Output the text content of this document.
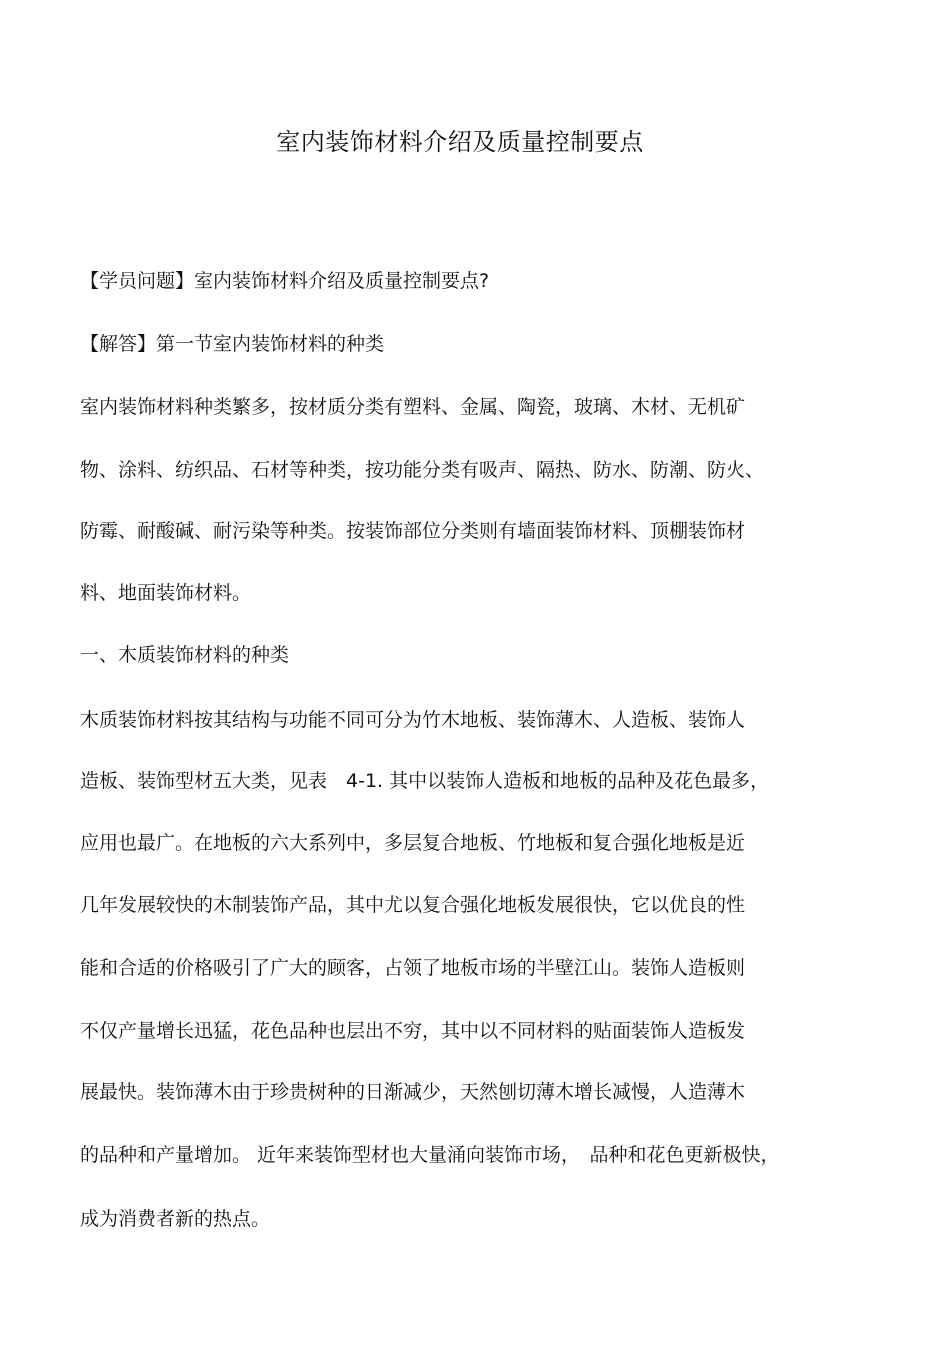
室内装饰材料介绍及质量控制要点
【学员问题】室内装饰材料介绍及质量控制要点?
【解答】第一节室内装饰材料的种类
室内装饰材料种类繁多，按材质分类有塑料、金属、陶瓷，玻璃、木材、无机矿
物、涂料、纺织品、石材等种类，按功能分类有吸声、隔热、防水、防潮、防火、
防霉、耐酸碱、耐污染等种类。按装饰部位分类则有墙面装饰材料、顶棚装饰材
料、地面装饰材料。
一、木质装饰材料的种类
木质装饰材料按其结构与功能不同可分为竹木地板、装饰薄木、人造板、装饰人
造板、装饰型材五大类，见表　4-1. 其中以装饰人造板和地板的品种及花色最多，
应用也最广。在地板的六大系列中，多层复合地板、竹地板和复合强化地板是近
几年发展较快的木制装饰产品，其中尤以复合强化地板发展很快，它以优良的性
能和合适的价格吸引了广大的顾客，占领了地板市场的半壁江山。装饰人造板则
不仅产量增长迅猛，花色品种也层出不穷，其中以不同材料的贴面装饰人造板发
展最快。装饰薄木由于珍贵树种的日渐减少，天然刨切薄木增长减慢，人造薄木
的品种和产量增加。 近年来装饰型材也大量涌向装饰市场，　品种和花色更新极快，
成为消费者新的热点。
